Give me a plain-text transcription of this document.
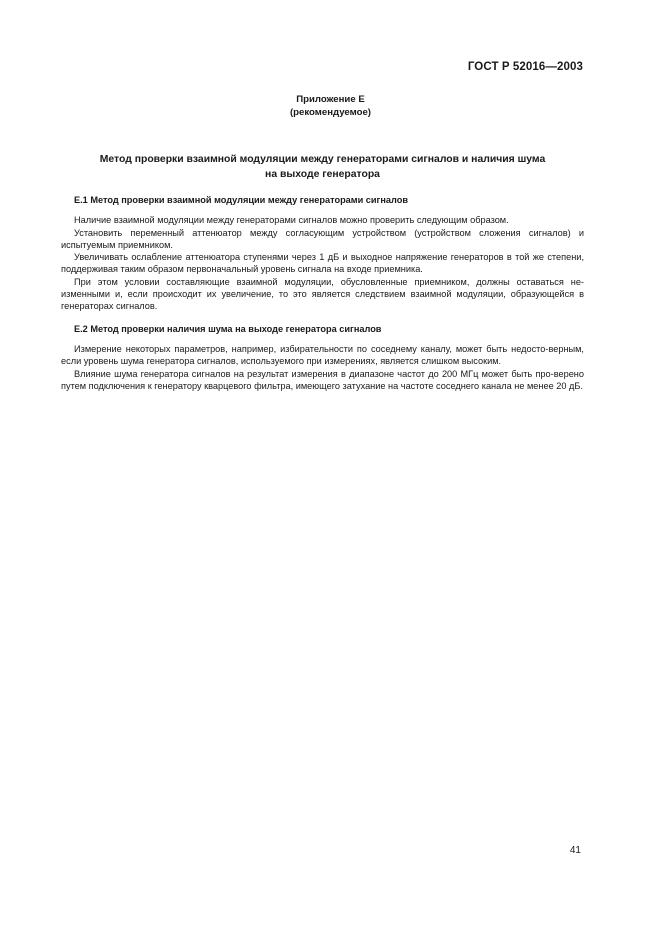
ГОСТ Р 52016—2003
Приложение Е
(рекомендуемое)
Метод проверки взаимной модуляции между генераторами сигналов и наличия шума
на выходе генератора
Е.1 Метод проверки взаимной модуляции между генераторами сигналов

Наличие взаимной модуляции между генераторами сигналов можно проверить следующим образом.

Установить переменный аттенюатор между согласующим устройством (устройством сложения сигналов) и испытуемым приемником.

Увеличивать ослабление аттенюатора ступенями через 1 дБ и выходное напряжение генераторов в той же степени, поддерживая таким образом первоначальный уровень сигнала на входе приемника.

При этом условии составляющие взаимной модуляции, обусловленные приемником, должны оставаться не-изменными и, если происходит их увеличение, то это является следствием взаимной модуляции, образующейся в генераторах сигналов.

Е.2 Метод проверки наличия шума на выходе генератора сигналов

Измерение некоторых параметров, например, избирательности по соседнему каналу, может быть недосто-верным, если уровень шума генератора сигналов, используемого при измерениях, является слишком высоким.

Влияние шума генератора сигналов на результат измерения в диапазоне частот до 200 МГц может быть про-верено путем подключения к генератору кварцевого фильтра, имеющего затухание на частоте соседнего канала не менее 20 дБ.

41
